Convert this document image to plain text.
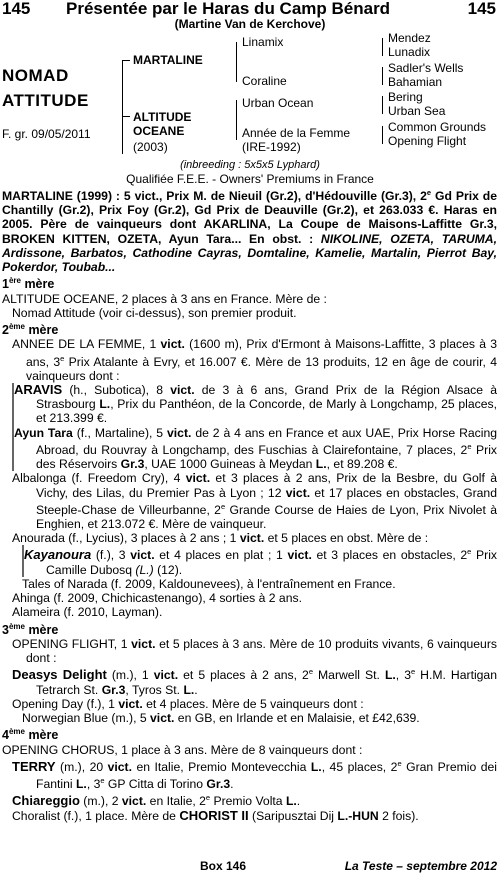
145 Présentée par le Haras du Camp Bénard	145
(Martine Van de Kerchove)
NOMAD
ATTITUDE
F. gr. 09/05/2011
MARTALINE
ALTITUDE
OCEANE
(2003)
Linamix
Coraline
Urban Ocean
Année de la Femme
(IRE-1992)
Mendez
Lunadix
Sadler's Wells
Bahamian
Bering
Urban Sea
Common Grounds
Opening Flight
(inbreeding : 5x5x5 Lyphard)
Qualifiée F.E.E. - Owners' Premiums in France

MARTALINE (1999) : 5 vict., Prix M. de Nieuil (Gr.2), d'Hédouville (Gr.3), 2e Gd Prix de Chantilly (Gr.2), Prix Foy (Gr.2), Gd Prix de Deauville (Gr.2), et 263.033 €. Haras en 2005. Père de vainqueurs dont AKARLINA, La Coupe de Maisons-Laffitte Gr.3, BROKEN KITTEN, OZETA, Ayun Tara... En obst. : NIKOLINE, OZETA, TARUMA, Ardissone, Barbatos, Cathodine Cayras, Domtaline, Kamelie, Martalin, Pierrot Bay, Pokerdor, Toubab...

1ère mère

ALTITUDE OCEANE, 2 places à 3 ans en France. Mère de :

Nomad Attitude (voir ci-dessus), son premier produit.

2ème mère

ANNEE DE LA FEMME, 1 vict. (1600 m), Prix d'Ermont à Maisons-Laffitte, 3 places à 3 ans, 3e Prix Atalante à Evry, et 16.007 €. Mère de 13 produits, 12 en âge de courir, 4 vainqueurs dont :

ARAVIS (h., Subotica), 8 vict. de 3 à 6 ans, Grand Prix de la Région Alsace à Strasbourg L., Prix du Panthéon, de la Concorde, de Marly à Longchamp, 25 places, et 213.399 €.

Ayun Tara (f., Martaline), 5 vict. de 2 à 4 ans en France et aux UAE, Prix Horse Racing Abroad, du Rouvray à Longchamp, des Fuschias à Clairefontaine, 7 places, 2e Prix des Réservoirs Gr.3, UAE 1000 Guineas à Meydan L., et 89.208 €.

Albalonga (f. Freedom Cry), 4 vict. et 3 places à 2 ans, Prix de la Besbre, du Golf à Vichy, des Lilas, du Premier Pas à Lyon ; 12 vict. et 17 places en obstacles, Grand Steeple-Chase de Villeurbanne, 2e Grande Course de Haies de Lyon, Prix Nivolet à Enghien, et 213.072 €. Mère de vainqueur.

Anourada (f., Lycius), 3 places à 2 ans ; 1 vict. et 5 places en obst. Mère de :

Kayanoura (f.), 3 vict. et 4 places en plat ; 1 vict. et 3 places en obstacles, 2e Prix Camille Dubosq (L.) (12).

Tales of Narada (f. 2009, Kaldounevees), à l'entraînement en France.

Ahinga (f. 2009, Chichicastenango), 4 sorties à 2 ans.

Alameira (f. 2010, Layman).

3ème mère

OPENING FLIGHT, 1 vict. et 5 places à 3 ans. Mère de 10 produits vivants, 6 vainqueurs dont :

Deasys Delight (m.), 1 vict. et 5 places à 2 ans, 2e Marwell St. L., 3e H.M. Hartigan Tetrarch St. Gr.3, Tyros St. L..

Opening Day (f.), 1 vict. et 4 places. Mère de 5 vainqueurs dont :

Norwegian Blue (m.), 5 vict. en GB, en Irlande et en Malaisie, et £42,639.

4ème mère

OPENING CHORUS, 1 place à 3 ans. Mère de 8 vainqueurs dont :

TERRY (m.), 20 vict. en Italie, Premio Montevecchia L., 45 places, 2e Gran Premio dei Fantini L., 3e GP Citta di Torino Gr.3.

Chiareggio (m.), 2 vict. en Italie, 2e Premio Volta L..

Choralist (f.), 1 place. Mère de CHORIST II (Saripusztai Dij L.-HUN 2 fois).

Box 146	La Teste – septembre 2012
